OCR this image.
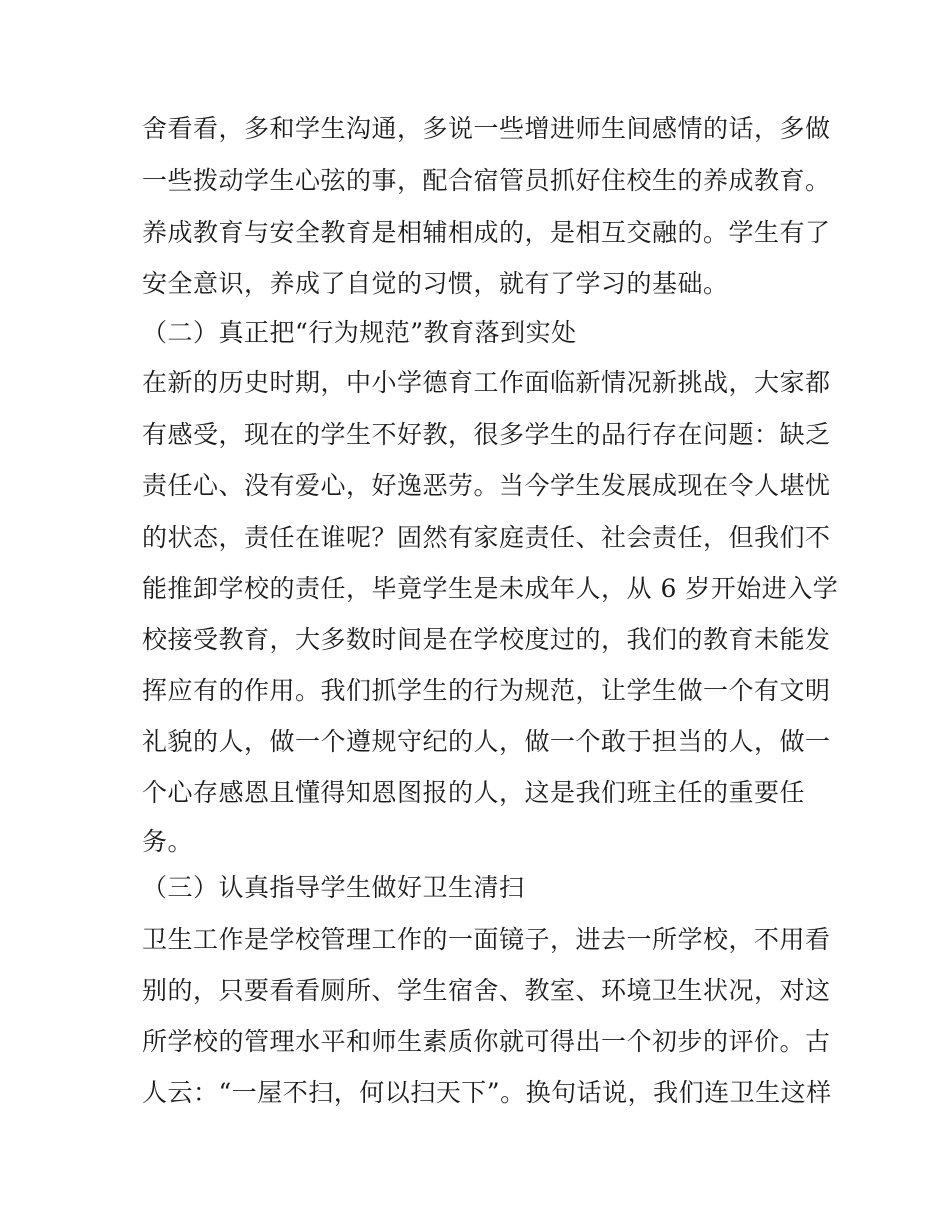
舍看看，多和学生沟通，多说一些增进师生间感情的话，多做
一些拨动学生心弦的事，配合宿管员抓好住校生的养成教育。
养成教育与安全教育是相辅相成的，是相互交融的。学生有了
安全意识，养成了自觉的习惯，就有了学习的基础。
（二）真正把“行为规范”教育落到实处
在新的历史时期，中小学德育工作面临新情况新挑战，大家都
有感受，现在的学生不好教，很多学生的品行存在问题：缺乏
责任心、没有爱心，好逸恶劳。当今学生发展成现在令人堪忧
的状态，责任在谁呢？固然有家庭责任、社会责任，但我们不
能推卸学校的责任，毕竟学生是未成年人，从 6 岁开始进入学
校接受教育，大多数时间是在学校度过的，我们的教育未能发
挥应有的作用。我们抓学生的行为规范，让学生做一个有文明
礼貌的人，做一个遵规守纪的人，做一个敢于担当的人，做一
个心存感恩且懂得知恩图报的人，这是我们班主任的重要任
务。
（三）认真指导学生做好卫生清扫
卫生工作是学校管理工作的一面镜子，进去一所学校，不用看
别的，只要看看厕所、学生宿舍、教室、环境卫生状况，对这
所学校的管理水平和师生素质你就可得出一个初步的评价。古
人云：“一屋不扫，何以扫天下”。换句话说，我们连卫生这样
